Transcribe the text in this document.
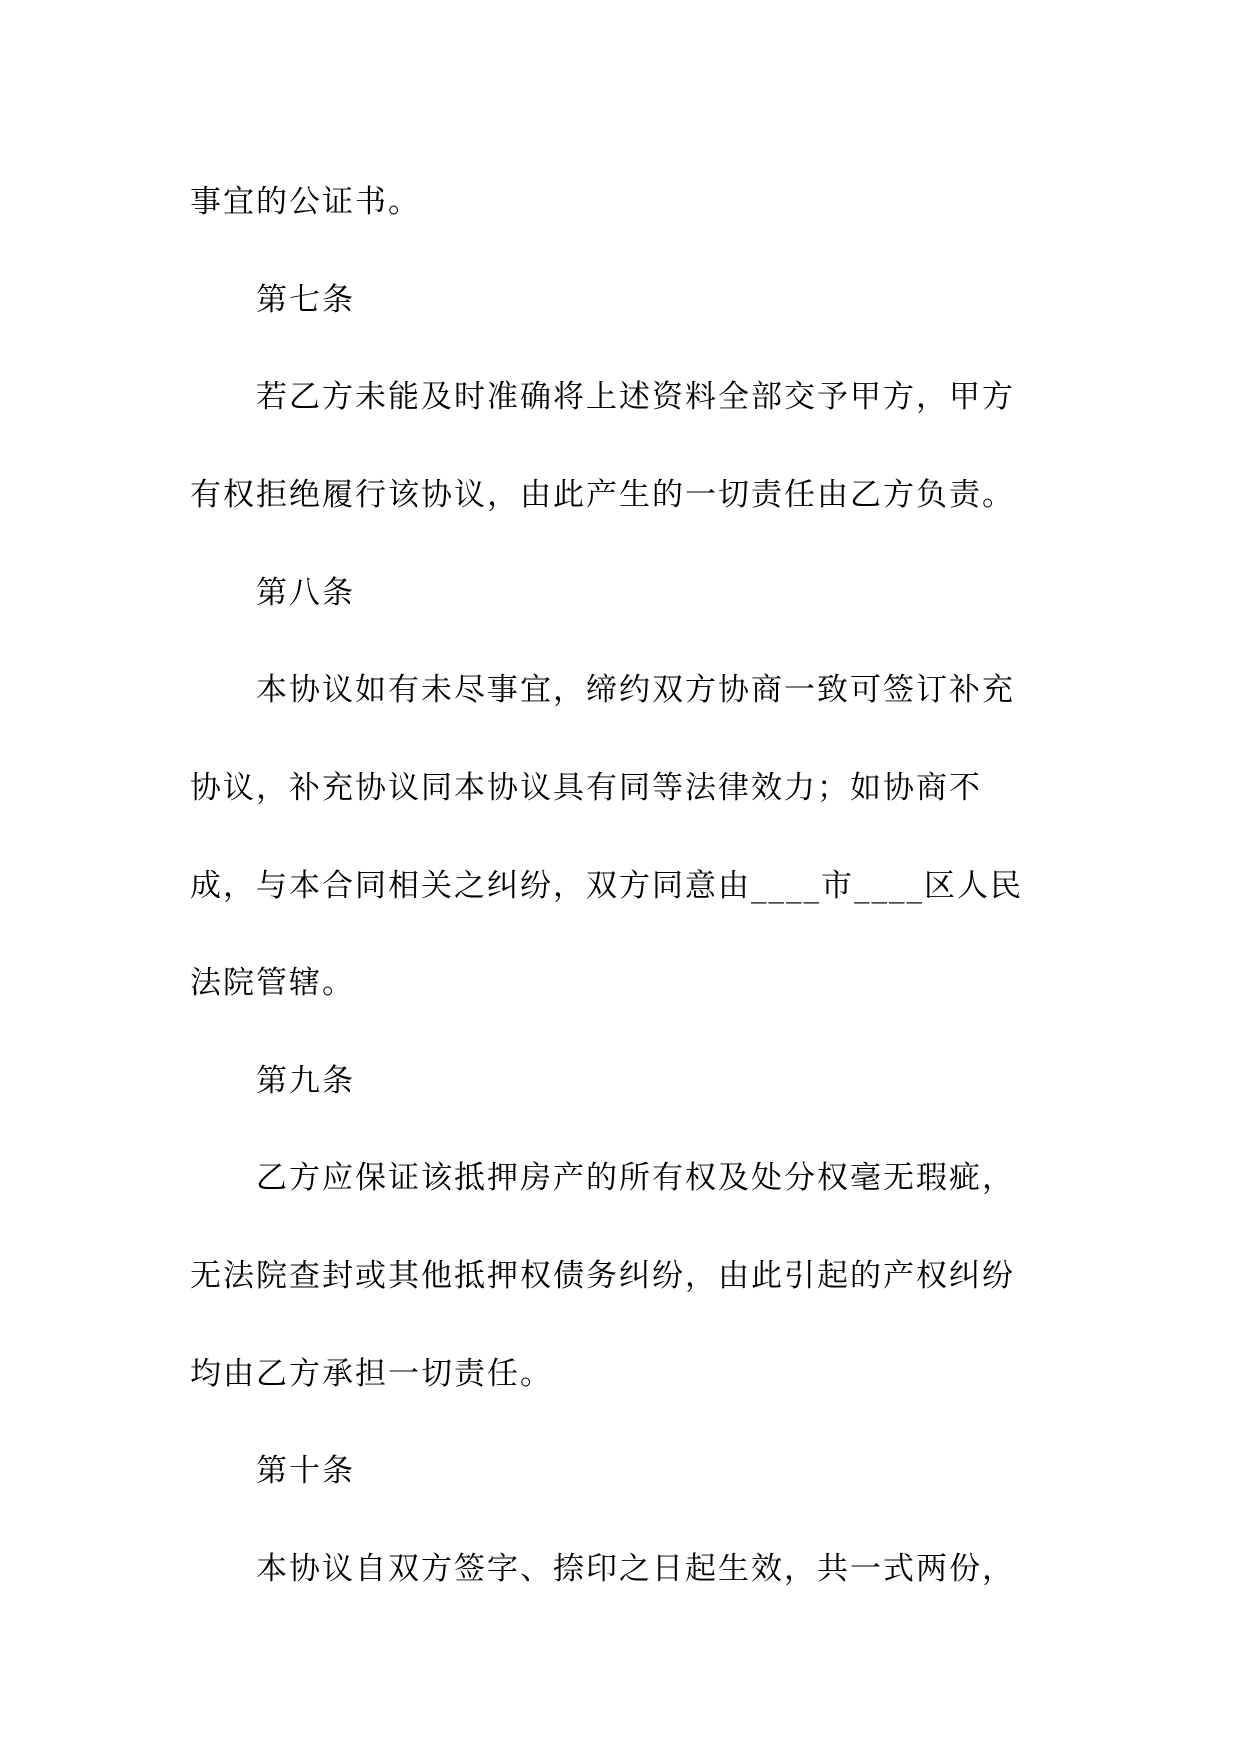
事宜的公证书。
第七条
若乙方未能及时准确将上述资料全部交予甲方，甲方
有权拒绝履行该协议，由此产生的一切责任由乙方负责。
第八条
本协议如有未尽事宜，缔约双方协商一致可签订补充
协议，补充协议同本协议具有同等法律效力；如协商不
成，与本合同相关之纠纷，双方同意由____市____区人民
法院管辖。
第九条
乙方应保证该抵押房产的所有权及处分权毫无瑕疵，
无法院查封或其他抵押权债务纠纷，由此引起的产权纠纷
均由乙方承担一切责任。
第十条
本协议自双方签字、捺印之日起生效，共一式两份，
